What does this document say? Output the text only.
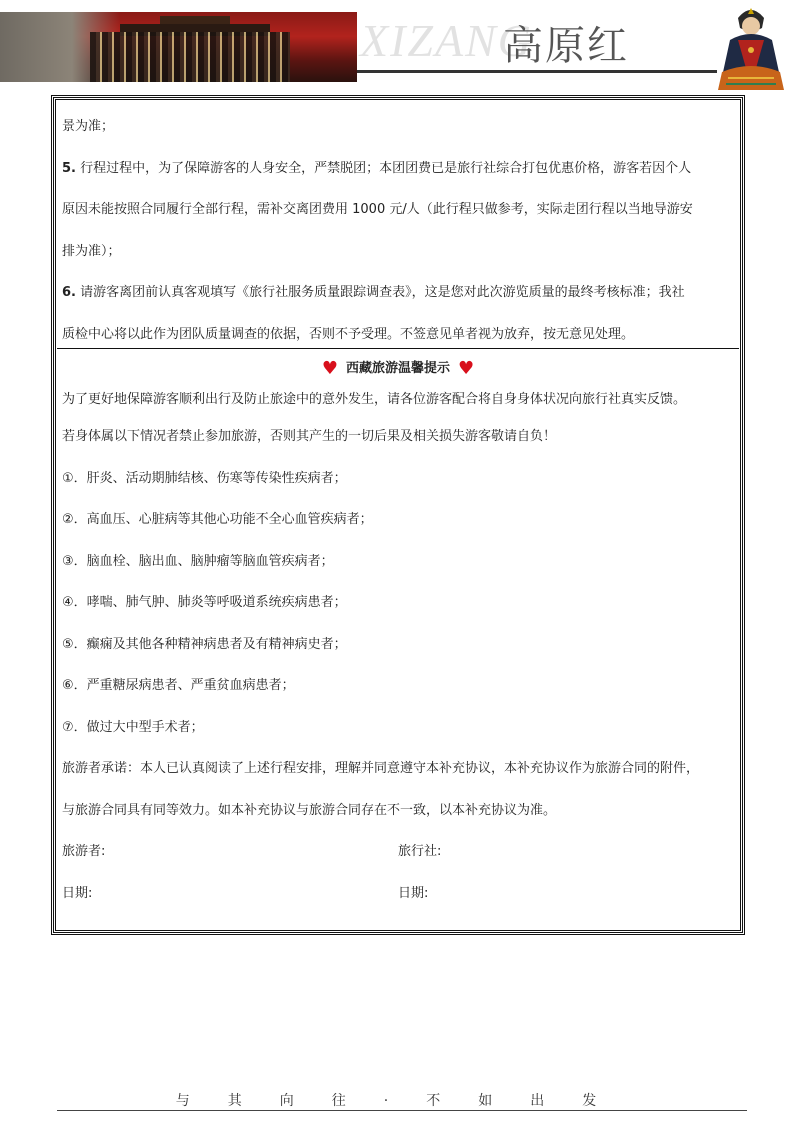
XIZANG
高原红
景为准；
5. 行程过程中，为了保障游客的人身安全，严禁脱团；本团团费已是旅行社综合打包优惠价格，游客若因个人
原因未能按照合同履行全部行程，需补交离团费用 1000 元/人（此行程只做参考，实际走团行程以当地导游安
排为准）；
6. 请游客离团前认真客观填写《旅行社服务质量跟踪调查表》，这是您对此次游览质量的最终考核标准；我社
质检中心将以此作为团队质量调查的依据，否则不予受理。不签意见单者视为放弃，按无意见处理。
♥ 西藏旅游温馨提示 ♥
为了更好地保障游客顺利出行及防止旅途中的意外发生，请各位游客配合将自身身体状况向旅行社真实反馈。
若身体属以下情况者禁止参加旅游，否则其产生的一切后果及相关损失游客敬请自负！
①．肝炎、活动期肺结核、伤寒等传染性疾病者；
②．高血压、心脏病等其他心功能不全心血管疾病者；
③．脑血栓、脑出血、脑肿瘤等脑血管疾病者；
④．哮喘、肺气肿、肺炎等呼吸道系统疾病患者；
⑤．癫痫及其他各种精神病患者及有精神病史者；
⑥．严重糖尿病患者、严重贫血病患者；
⑦．做过大中型手术者；
旅游者承诺：本人已认真阅读了上述行程安排，理解并同意遵守本补充协议，本补充协议作为旅游合同的附件，
与旅游合同具有同等效力。如本补充协议与旅游合同存在不一致，以本补充协议为准。
旅游者:	旅行社:
日期:	日期:
与其向往·不如出发
